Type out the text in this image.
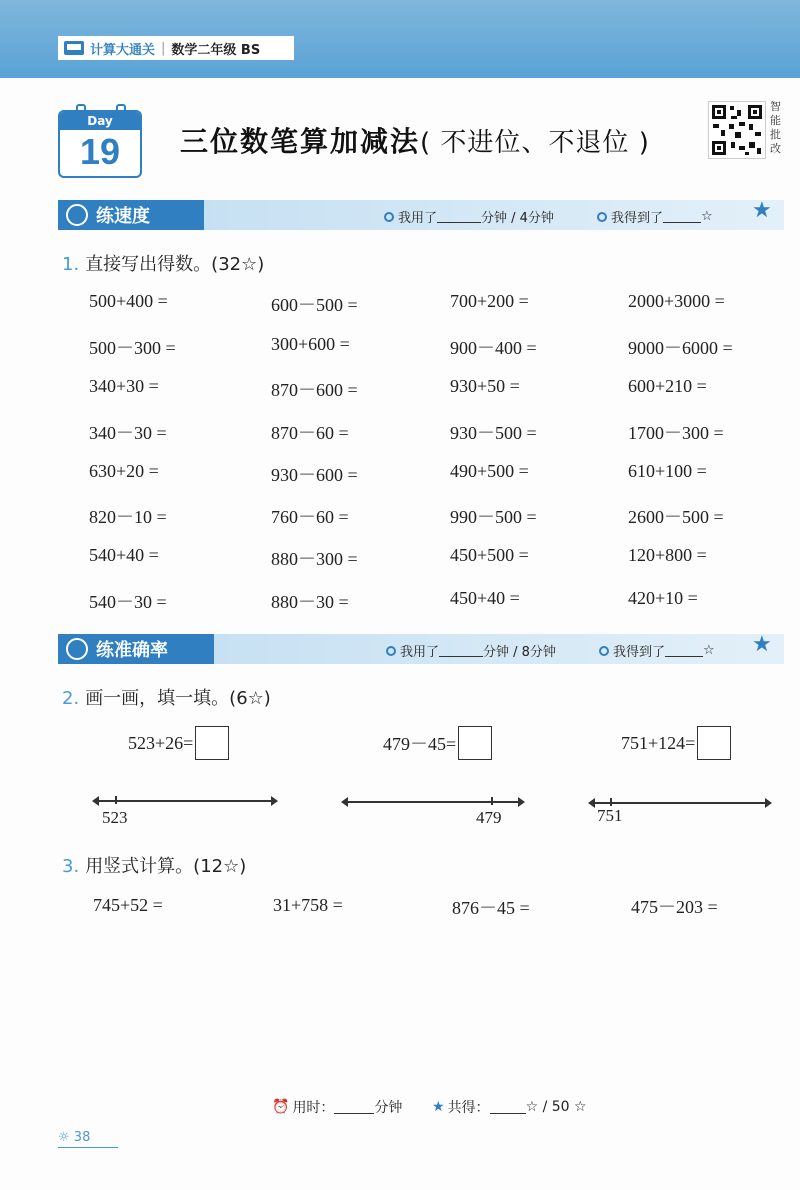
计算大通关 | 数学二年级 BS
Day
19	三位数笔算加减法( 不进位、不退位 )
智能批改
练速度	我用了	分钟 / 4分钟	我得到了	☆ ★
1. 直接写出得数。(32☆)
500+400 =	600－500 =	700+200 =	2000+3000 =
500－300 =	300+600 =	900－400 =	9000－6000 =
340+30 =	870－600 =	930+50 =	600+210 =
340－30 =	870－60 =	930－500 =	1700－300 =
630+20 =	930－600 =	490+500 =	610+100 =
820－10 =	760－60 =	990－500 =	2600－500 =
540+40 =	880－300 =	450+500 =	120+800 =
540－30 =	880－30 =	450+40 =	420+10 =
练准确率	我用了	分钟 / 8分钟	我得到了	☆ ★
2. 画一画，填一填。(6☆)
523+26=	479－45=	751+124=
523	479	751
3. 用竖式计算。(12☆)
745+52 =	31+758 =	876－45 =	475－203 =
⏰ 用时：	分钟 ★ 共得：	☆ / 50 ☆
☼ 38
